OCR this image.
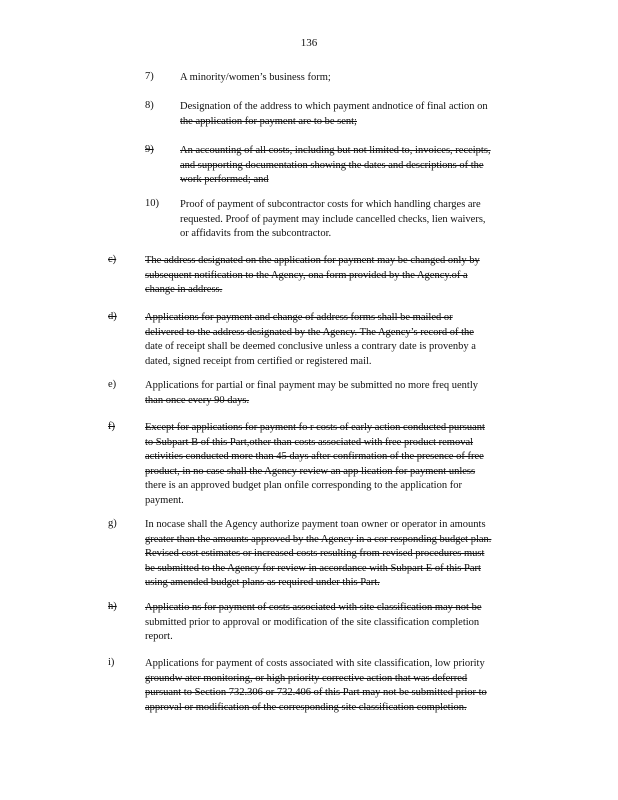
136
7)	A minority/women’s business form;
8)	Designation of the address to which payment andnotice of final action on
the application for payment are to be sent;
9)	An accounting of all costs, including but not limited to, invoices, receipts,
and supporting documentation showing the dates and descriptions of the
work performed; and
10) Proof of payment of subcontractor costs for which handling charges are
requested. Proof of payment may include cancelled checks, lien waivers,
or affidavits from the subcontractor.
c)	The address designated on the application for payment may be changed only by
subsequent notification to the Agency, ona form provided by the Agency.of a
change in address.
d)	Applications for payment and change of address forms shall be mailed or
delivered to the address designated by the Agency. The Agency’s record of the
date of receipt shall be deemed conclusive unless a contrary date is provenby a
dated, signed receipt from certified or registered mail.
e)	Applications for partial or final payment may be submitted no more freq uently
than once every 90 days.
f)	Except for applications for payment fo r costs of early action conducted pursuant
to Subpart B of this Part,other than costs associated with free product removal
activities conducted more than 45 days after confirmation of the presence of free
product, in no case shall the Agency review an app lication for payment unless
there is an approved budget plan onfile corresponding to the application for
payment.
g)	In nocase shall the Agency authorize payment toan owner or operator in amounts
greater than the amounts approved by the Agency in a cor responding budget plan.
Revised cost estimates or increased costs resulting from revised procedures must
be submitted to the Agency for review in accordance with Subpart E of this Part
using amended budget plans as required under this Part.
h)	Applicatio ns for payment of costs associated with site classification may not be
submitted prior to approval or modification of the site classification completion
report.
i)	Applications for payment of costs associated with site classification, low priority
groundw ater monitoring, or high priority corrective action that was deferred
pursuant to Section 732.306 or 732.406 of this Part may not be submitted prior to
approval or modification of the corresponding site classification completion.
